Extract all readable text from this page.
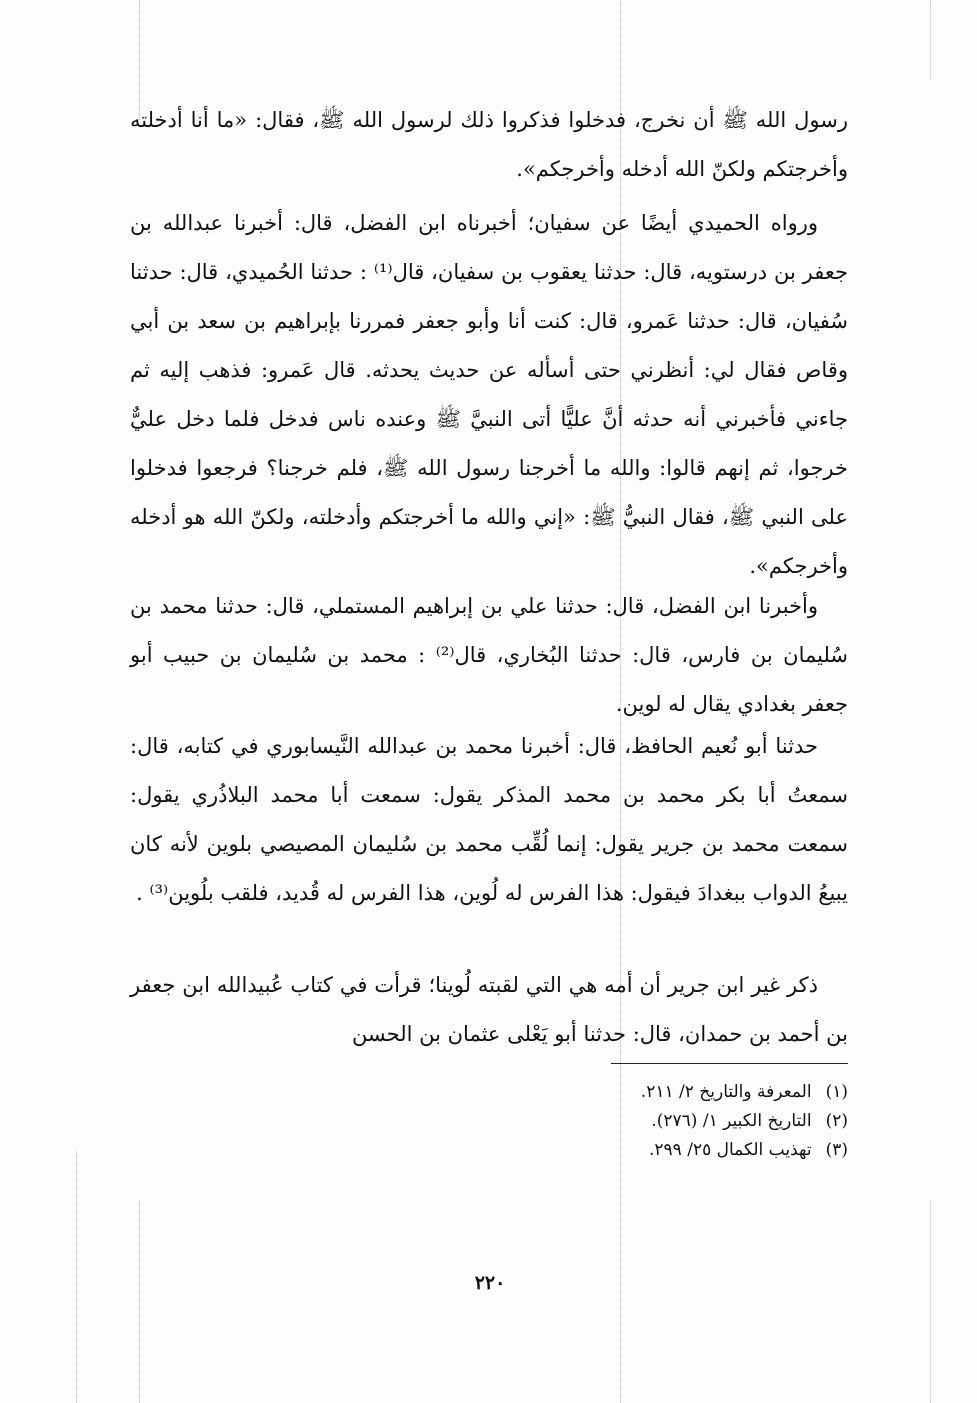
رسول الله ﷺ أن نخرج، فدخلوا فذكروا ذلك لرسول الله ﷺ، فقال: «ما أنا أدخلته وأخرجتكم ولكنّ الله أدخله وأخرجكم».

ورواه الحميدي أيضًا عن سفيان؛ أخبرناه ابن الفضل، قال: أخبرنا عبدالله بن جعفر بن درستويه، قال: حدثنا يعقوب بن سفيان، قال⁽¹⁾ : حدثنا الحُميدي، قال: حدثنا سُفيان، قال: حدثنا عَمرو، قال: كنت أنا وأبو جعفر فمررنا بإبراهيم بن سعد بن أبي وقاص فقال لي: أنظرني حتى أسأله عن حديث يحدثه. قال عَمرو: فذهب إليه ثم جاءني فأخبرني أنه حدثه أنَّ عليًّا أتى النبيَّ ﷺ وعنده ناس فدخل فلما دخل عليٌّ خرجوا، ثم إنهم قالوا: والله ما أخرجنا رسول الله ﷺ، فلم خرجنا؟ فرجعوا فدخلوا على النبي ﷺ، فقال النبيُّ ﷺ: «إني والله ما أخرجتكم وأدخلته، ولكنّ الله هو أدخله وأخرجكم».

وأخبرنا ابن الفضل، قال: حدثنا علي بن إبراهيم المستملي، قال: حدثنا محمد بن سُليمان بن فارس، قال: حدثنا البُخاري، قال⁽²⁾ : محمد بن سُليمان بن حبيب أبو جعفر بغدادي يقال له لوين.

حدثنا أبو نُعيم الحافظ، قال: أخبرنا محمد بن عبدالله النَّيسابوري في كتابه، قال: سمعتُ أبا بكر محمد بن محمد المذكر يقول: سمعت أبا محمد البلاذُري يقول: سمعت محمد بن جرير يقول: إنما لُقِّب محمد بن سُليمان المصيصي بلوين لأنه كان يبيعُ الدواب ببغدادَ فيقول: هذا الفرس له لُوين، هذا الفرس له قُديد، فلقب بلُوين⁽³⁾ .

ذكر غير ابن جرير أن أمه هي التي لقبته لُوينا؛ قرأت في كتاب عُبيدالله ابن جعفر بن أحمد بن حمدان، قال: حدثنا أبو يَعْلى عثمان بن الحسن

(١)المعرفة والتاريخ ٢/ ٢١١.
(٢)التاريخ الكبير ١/ (٢٧٦).
(٣)تهذيب الكمال ٢٥/ ٢٩٩.
٢٢٠
